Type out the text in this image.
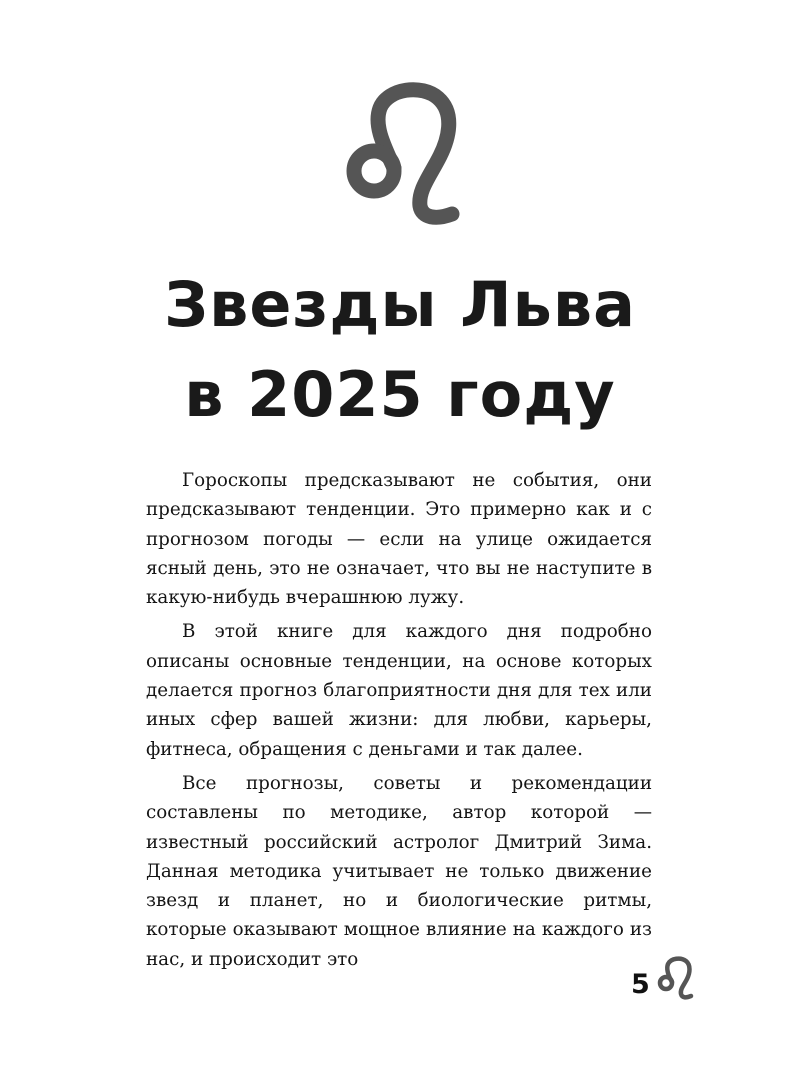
Звезды Льва
в 2025 году

Гороскопы предсказывают не события, они предсказывают тенденции. Это примерно как и с прогнозом погоды — если на улице ожидается ясный день, это не означает, что вы не наступите в какую-нибудь вчерашнюю лужу.

В этой книге для каждого дня подробно описаны основные тенденции, на основе которых делается прогноз благоприятности дня для тех или иных сфер вашей жизни: для любви, карьеры, фитнеса, обращения с деньгами и так далее.

Все прогнозы, советы и рекомендации составлены по методике, автор которой — известный российский астролог Дмитрий Зима. Данная методика учитывает не только движение звезд и планет, но и биологические ритмы, которые оказывают мощное влияние на каждого из нас, и происходит это

5
